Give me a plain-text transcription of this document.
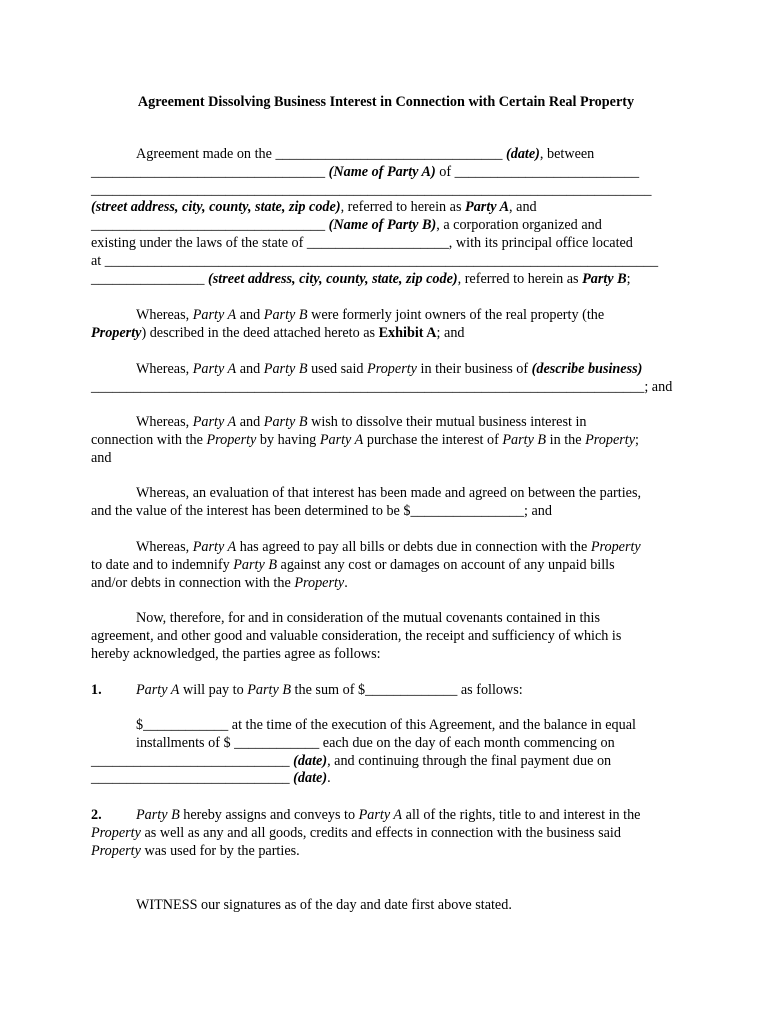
Agreement Dissolving Business Interest in Connection with Certain Real Property
Agreement made on the ________________________________ (date), between
_________________________________ (Name of Party A) of __________________________
_______________________________________________________________________________
(street address, city, county, state, zip code), referred to herein as Party A, and
_________________________________ (Name of Party B), a corporation organized and
existing under the laws of the state of ____________________, with its principal office located
at ______________________________________________________________________________
________________ (street address, city, county, state, zip code), referred to herein as Party B;
Whereas, Party A and Party B were formerly joint owners of the real property (the
Property) described in the deed attached hereto as Exhibit A; and
Whereas, Party A and Party B used said Property in their business of (describe business)
______________________________________________________________________________; and
Whereas, Party A and Party B wish to dissolve their mutual business interest in
connection with the Property by having Party A purchase the interest of Party B in the Property;
and
Whereas, an evaluation of that interest has been made and agreed on between the parties,
and the value of the interest has been determined to be $________________; and
Whereas, Party A has agreed to pay all bills or debts due in connection with the Property
to date and to indemnify Party B against any cost or damages on account of any unpaid bills
and/or debts in connection with the Property.
Now, therefore, for and in consideration of the mutual covenants contained in this
agreement, and other good and valuable consideration, the receipt and sufficiency of which is
hereby acknowledged, the parties agree as follows:
1. Party A will pay to Party B the sum of $_____________ as follows:
$____________ at the time of the execution of this Agreement, and the balance in equal
installments of $ ____________ each due on the day of each month commencing on
____________________________ (date), and continuing through the final payment due on
____________________________ (date).
2. Party B hereby assigns and conveys to Party A all of the rights, title to and interest in the
Property as well as any and all goods, credits and effects in connection with the business said
Property was used for by the parties.
WITNESS our signatures as of the day and date first above stated.
